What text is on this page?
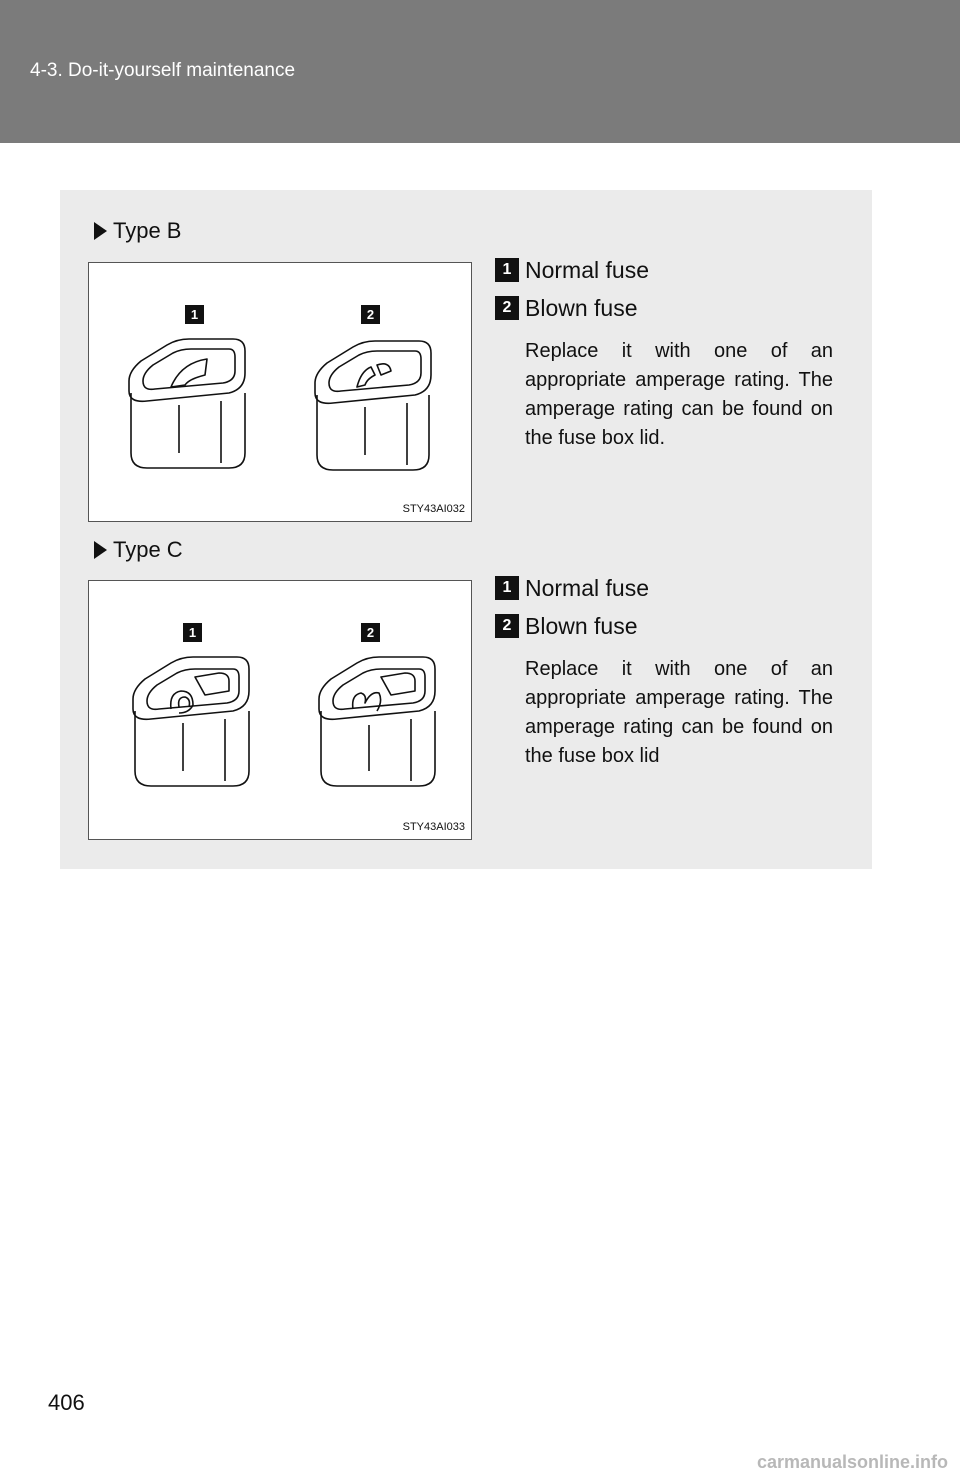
4-3. Do-it-yourself maintenance
Type B
1	2
STY43AI032
1 Normal fuse
2 Blown fuse
Replace it with one of an appropriate amperage rating. The amperage rating can be found on the fuse box lid.
Type C
1	2
STY43AI033
1 Normal fuse
2 Blown fuse
Replace it with one of an appropriate amperage rating. The amperage rating can be found on the fuse box lid
406
carmanualsonline.info
